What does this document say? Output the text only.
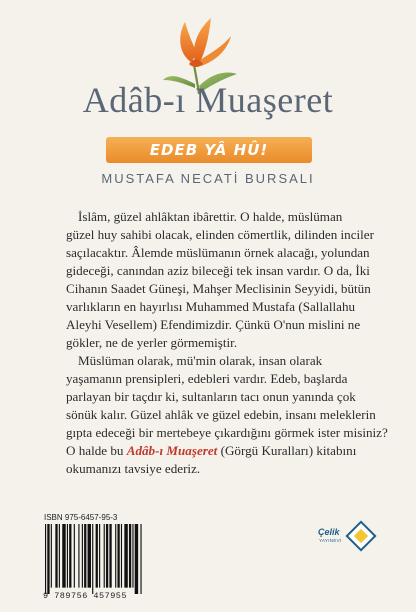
Adâb-ı Muaşeret
EDEB YÂ HÛ!
MUSTAFA NECATİ BURSALI

İslâm, güzel ahlâktan ibârettir. O halde, müslüman
güzel huy sahibi olacak, elinden cömertlik, dilinden inciler
saçılacaktır. Âlemde müslümanın örnek alacağı, yolundan
gideceği, canından aziz bileceği tek insan vardır. O da, İki
Cihanın Saadet Güneşi, Mahşer Meclisinin Seyyidi, bütün
varlıkların en hayırlısı Muhammed Mustafa (Sallallahu
Aleyhi Vesellem) Efendimizdir. Çünkü O'nun mislini ne
gökler, ne de yerler görmemiştir.

Müslüman olarak, mü'min olarak, insan olarak
yaşamanın prensipleri, edebleri vardır. Edeb, başlarda
parlayan bir taçdır ki, sultanların tacı onun yanında çok
sönük kalır. Güzel ahlâk ve güzel edebin, insanı meleklerin
gıpta edeceği bir mertebeye çıkardığını görmek ister misiniz?
O halde bu Adâb-ı Muaşeret (Görgü Kuralları) kitabını
okumanızı tavsiye ederiz.

ISBN 975-6457-95-3
9 789756 457955
Çelik
YAYINEVİ
